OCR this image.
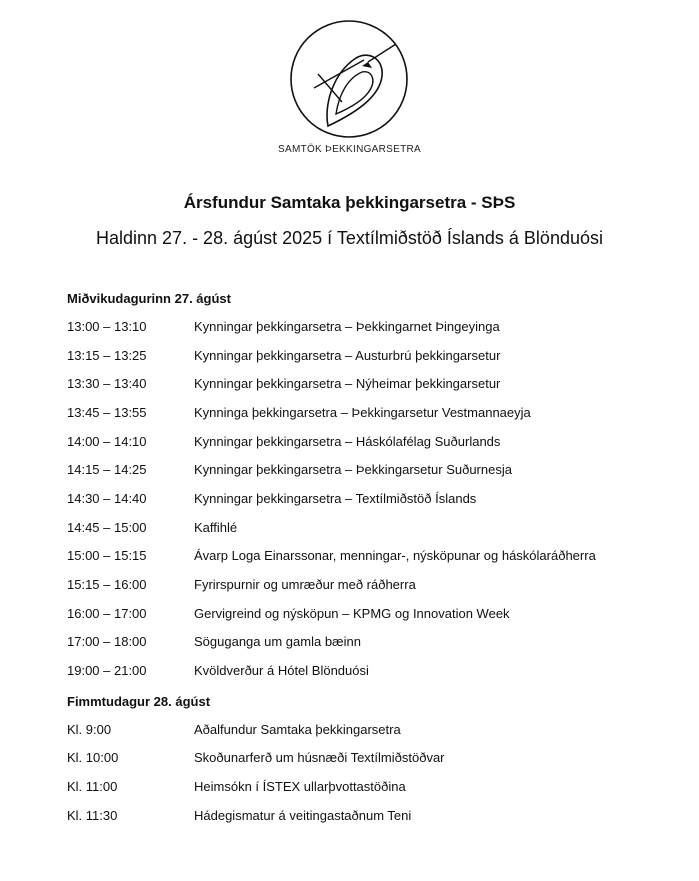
SAMTÖK ÞEKKINGARSETRA
Ársfundur Samtaka þekkingarsetra - SÞS
Haldinn 27. - 28. ágúst 2025 í Textílmiðstöð Íslands á Blönduósi
Miðvikudagurinn 27. ágúst
13:00 – 13:10	Kynningar þekkingarsetra – Þekkingarnet Þingeyinga
13:15 – 13:25	Kynningar þekkingarsetra – Austurbrú þekkingarsetur
13:30 – 13:40	Kynningar þekkingarsetra – Nýheimar þekkingarsetur
13:45 – 13:55	Kynninga þekkingarsetra – Þekkingarsetur Vestmannaeyja
14:00 – 14:10	Kynningar þekkingarsetra – Háskólafélag Suðurlands
14:15 – 14:25	Kynningar þekkingarsetra – Þekkingarsetur Suðurnesja
14:30 – 14:40	Kynningar þekkingarsetra – Textílmiðstöð Íslands
14:45 – 15:00	Kaffihlé
15:00 – 15:15	Ávarp Loga Einarssonar, menningar-, nýsköpunar og háskólaráðherra
15:15 – 16:00	Fyrirspurnir og umræður með ráðherra
16:00 – 17:00	Gervigreind og nýsköpun – KPMG og Innovation Week
17:00 – 18:00	Söguganga um gamla bæinn
19:00 – 21:00	Kvöldverður á Hótel Blönduósi
Fimmtudagur 28. ágúst
Kl. 9:00	Aðalfundur Samtaka þekkingarsetra
Kl. 10:00	Skoðunarferð um húsnæði Textílmiðstöðvar
Kl. 11:00	Heimsókn í ÍSTEX ullarþvottastöðina
Kl. 11:30	Hádegismatur á veitingastaðnum Teni
